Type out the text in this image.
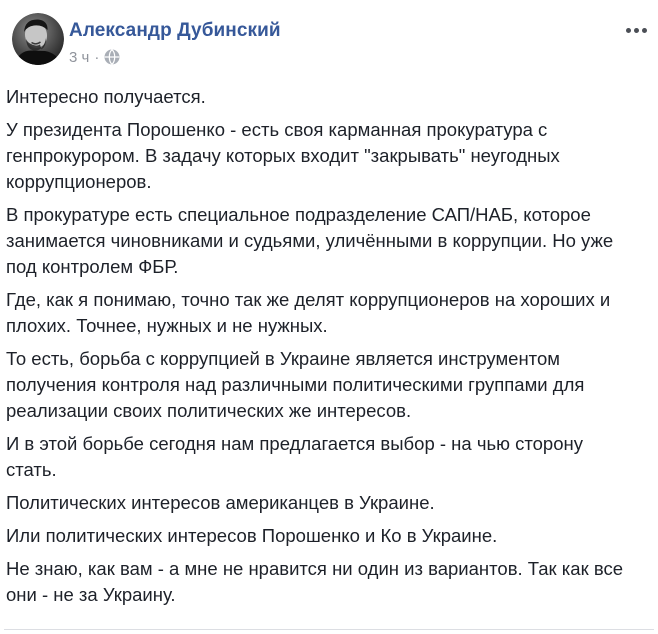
Александр Дубинский
3 ч ·

Интересно получается.

У президента Порошенко - есть своя карманная прокуратура с
генпрокурором. В задачу которых входит "закрывать" неугодных
коррупционеров.

В прокуратуре есть специальное подразделение САП/НАБ, которое
занимается чиновниками и судьями, уличёнными в коррупции. Но уже
под контролем ФБР.

Где, как я понимаю, точно так же делят коррупционеров на хороших и
плохих. Точнее, нужных и не нужных.

То есть, борьба с коррупцией в Украине является инструментом
получения контроля над различными политическими группами для
реализации своих политических же интересов.

И в этой борьбе сегодня нам предлагается выбор - на чью сторону
стать.

Политических интересов американцев в Украине.

Или политических интересов Порошенко и Ко в Украине.

Не знаю, как вам - а мне не нравится ни один из вариантов. Так как все
они - не за Украину.
